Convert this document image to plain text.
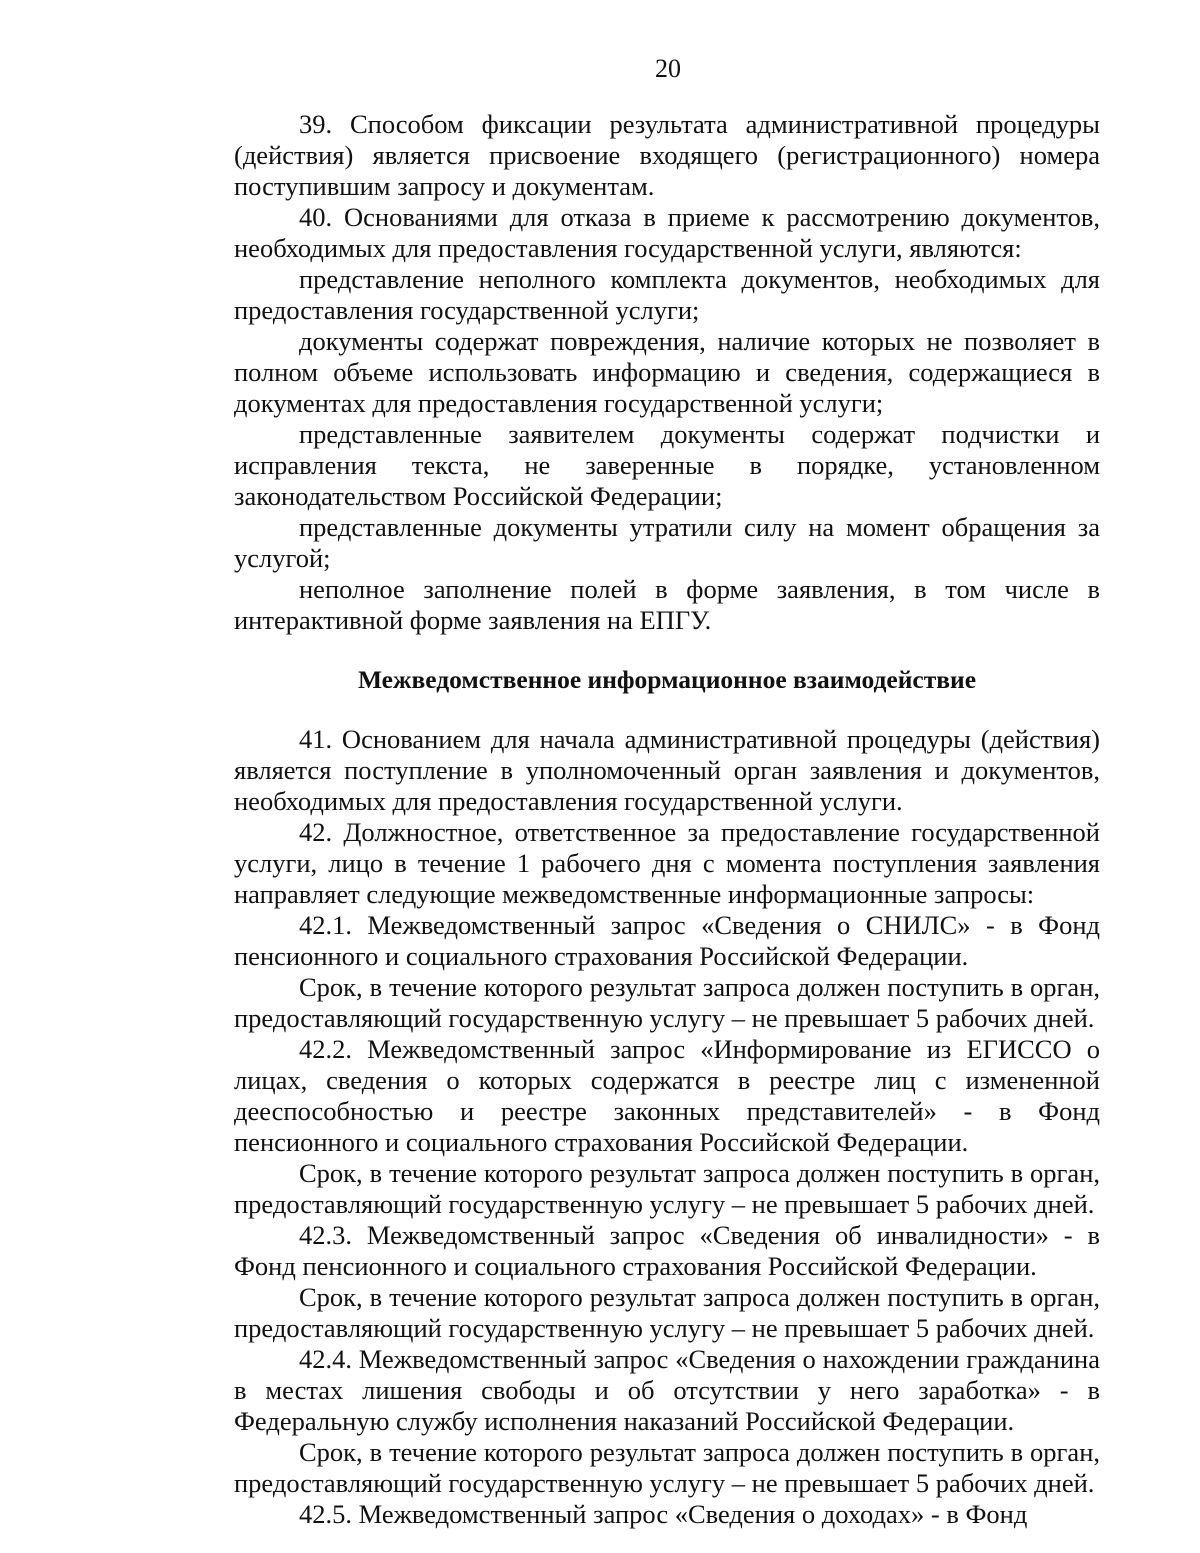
20

39. Способом фиксации результата административной процедуры (действия) является присвоение входящего (регистрационного) номера поступившим запросу и документам.

40. Основаниями для отказа в приеме к рассмотрению документов, необходимых для предоставления государственной услуги, являются:

представление неполного комплекта документов, необходимых для предоставления государственной услуги;

документы содержат повреждения, наличие которых не позволяет в полном объеме использовать информацию и сведения, содержащиеся в документах для предоставления государственной услуги;

представленные заявителем документы содержат подчистки и исправления текста, не заверенные в порядке, установленном законодательством Российской Федерации;

представленные документы утратили силу на момент обращения за услугой;

неполное заполнение полей в форме заявления, в том числе в интерактивной форме заявления на ЕПГУ.

Межведомственное информационное взаимодействие

41. Основанием для начала административной процедуры (действия) является поступление в уполномоченный орган заявления и документов, необходимых для предоставления государственной услуги.

42. Должностное, ответственное за предоставление государственной услуги, лицо в течение 1 рабочего дня с момента поступления заявления направляет следующие межведомственные информационные запросы:

42.1. Межведомственный запрос «Сведения о СНИЛС» - в Фонд пенсионного и социального страхования Российской Федерации.

Срок, в течение которого результат запроса должен поступить в орган, предоставляющий государственную услугу – не превышает 5 рабочих дней.

42.2. Межведомственный запрос «Информирование из ЕГИССО о лицах, сведения о которых содержатся в реестре лиц с измененной дееспособностью и реестре законных представителей» - в Фонд пенсионного и социального страхования Российской Федерации.

Срок, в течение которого результат запроса должен поступить в орган, предоставляющий государственную услугу – не превышает 5 рабочих дней.

42.3. Межведомственный запрос «Сведения об инвалидности» - в Фонд пенсионного и социального страхования Российской Федерации.

Срок, в течение которого результат запроса должен поступить в орган, предоставляющий государственную услугу – не превышает 5 рабочих дней.

42.4. Межведомственный запрос «Сведения о нахождении гражданина в местах лишения свободы и об отсутствии у него заработка» - в Федеральную службу исполнения наказаний Российской Федерации.

Срок, в течение которого результат запроса должен поступить в орган, предоставляющий государственную услугу – не превышает 5 рабочих дней.

42.5. Межведомственный запрос «Сведения о доходах» - в Фонд
